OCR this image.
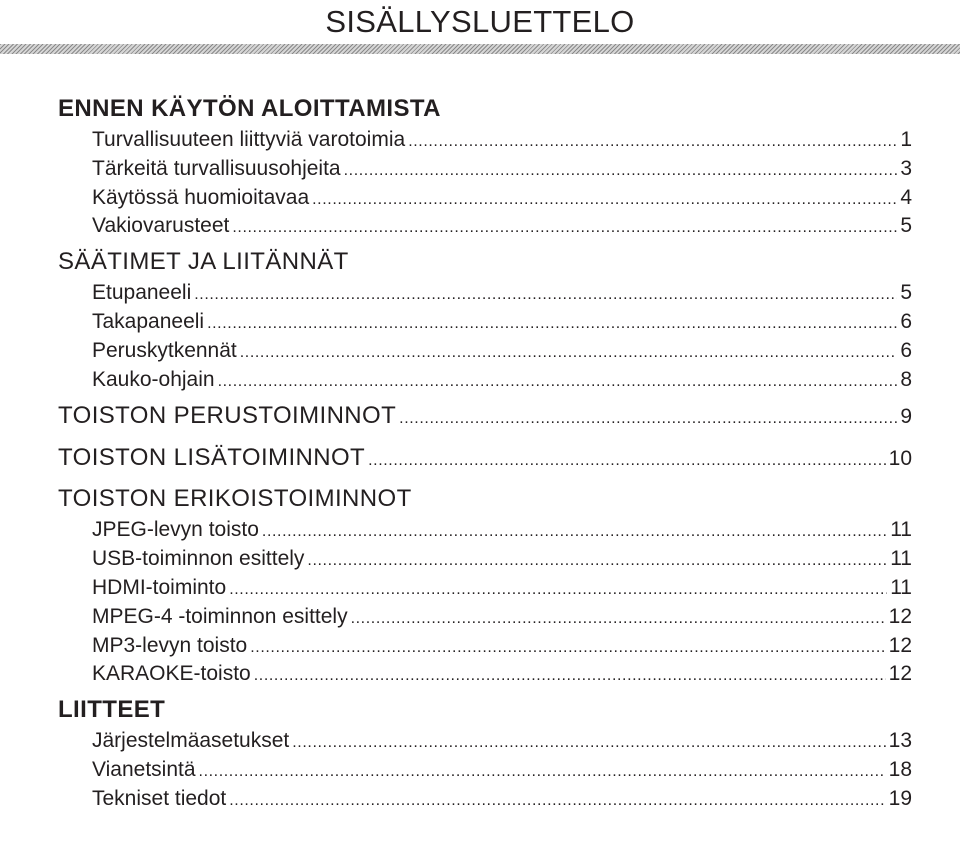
SISÄLLYSLUETTELO
ENNEN KÄYTÖN ALOITTAMISTA
Turvallisuuteen liittyviä varotoimia .....	1
Tärkeitä turvallisuusohjeita .....	3
Käytössä huomioitavaa .....	4
Vakiovarusteet .....	5
SÄÄTIMET JA LIITÄNNÄT
Etupaneeli .....	5
Takapaneeli .....	6
Peruskytkennät .....	6
Kauko-ohjain .....	8
TOISTON PERUSTOIMINNOT .....	9
TOISTON LISÄTOIMINNOT .....	10
TOISTON ERIKOISTOIMINNOT
JPEG-levyn toisto .....	11
USB-toiminnon esittely .....	11
HDMI-toiminto .....	11
MPEG-4 -toiminnon esittely .....	12
MP3-levyn toisto .....	12
KARAOKE-toisto .....	12
LIITTEET
Järjestelmäasetukset .....	13
Vianetsintä .....	18
Tekniset tiedot .....	19
